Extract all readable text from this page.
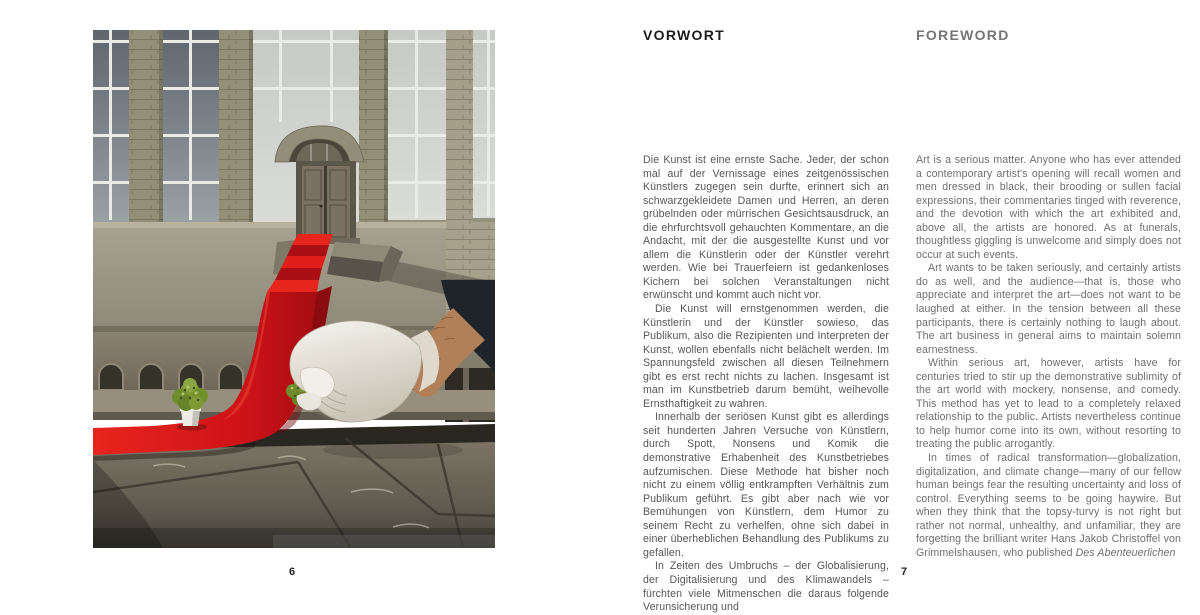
6
VORWORT

Die Kunst ist eine ernste Sache. Jeder, der schon mal auf der Vernissage eines zeitgenössischen Künstlers zugegen sein durfte, erinnert sich an schwarzgekleidete Damen und Herren, an deren grübelnden oder mürrischen Gesichtsausdruck, an die ehrfurchtsvoll gehauchten Kommentare, an die Andacht, mit der die ausgestellte Kunst und vor allem die Künstlerin oder der Künstler verehrt werden. Wie bei Trauerfeiern ist gedankenloses Kichern bei solchen Veranstaltungen nicht erwünscht und kommt auch nicht vor.

Die Kunst will ernstgenommen werden, die Künstlerin und der Künstler sowieso, das Publikum, also die Rezipienten und Interpreten der Kunst, wollen ebenfalls nicht belächelt werden. Im Spannungsfeld zwischen all diesen Teilnehmern gibt es erst recht nichts zu lachen. Insgesamt ist man im Kunstbetrieb darum bemüht, weihevolle Ernsthaftigkeit zu wahren.

Innerhalb der seriösen Kunst gibt es allerdings seit hunderten Jahren Versuche von Künstlern, durch Spott, Nonsens und Komik die demonstrative Erhabenheit des Kunstbetriebes aufzumischen. Diese Methode hat bisher noch nicht zu einem völlig entkrampften Verhältnis zum Publikum geführt. Es gibt aber nach wie vor Bemühungen von Künstlern, dem Humor zu seinem Recht zu verhelfen, ohne sich dabei in einer überheblichen Behandlung des Publikums zu gefallen.

In Zeiten des Umbruchs – der Globalisierung, der Digitalisierung und des Klimawandels – fürchten viele Mitmenschen die daraus folgende Verunsicherung und

FOREWORD

Art is a serious matter. Anyone who has ever attended a contemporary artist's opening will recall women and men dressed in black, their brooding or sullen facial expressions, their commentaries tinged with reverence, and the devotion with which the art exhibited and, above all, the artists are honored. As at funerals, thoughtless giggling is unwelcome and simply does not occur at such events.

Art wants to be taken seriously, and certainly artists do as well, and the audience—that is, those who appreciate and interpret the art—does not want to be laughed at either. In the tension between all these participants, there is certainly nothing to laugh about. The art business in general aims to maintain solemn earnestness.

Within serious art, however, artists have for centuries tried to stir up the demonstrative sublimity of the art world with mockery, nonsense, and comedy. This method has yet to lead to a completely relaxed relationship to the public. Artists nevertheless continue to help humor come into its own, without resorting to treating the public arrogantly.

In times of radical transformation—globalization, digitalization, and climate change—many of our fellow human beings fear the resulting uncertainty and loss of control. Everything seems to be going haywire. But when they think that the topsy-turvy is not right but rather not normal, unhealthy, and unfamiliar, they are forgetting the brilliant writer Hans Jakob Christoffel von Grimmelshausen, who published Des Abenteuerlichen

7
